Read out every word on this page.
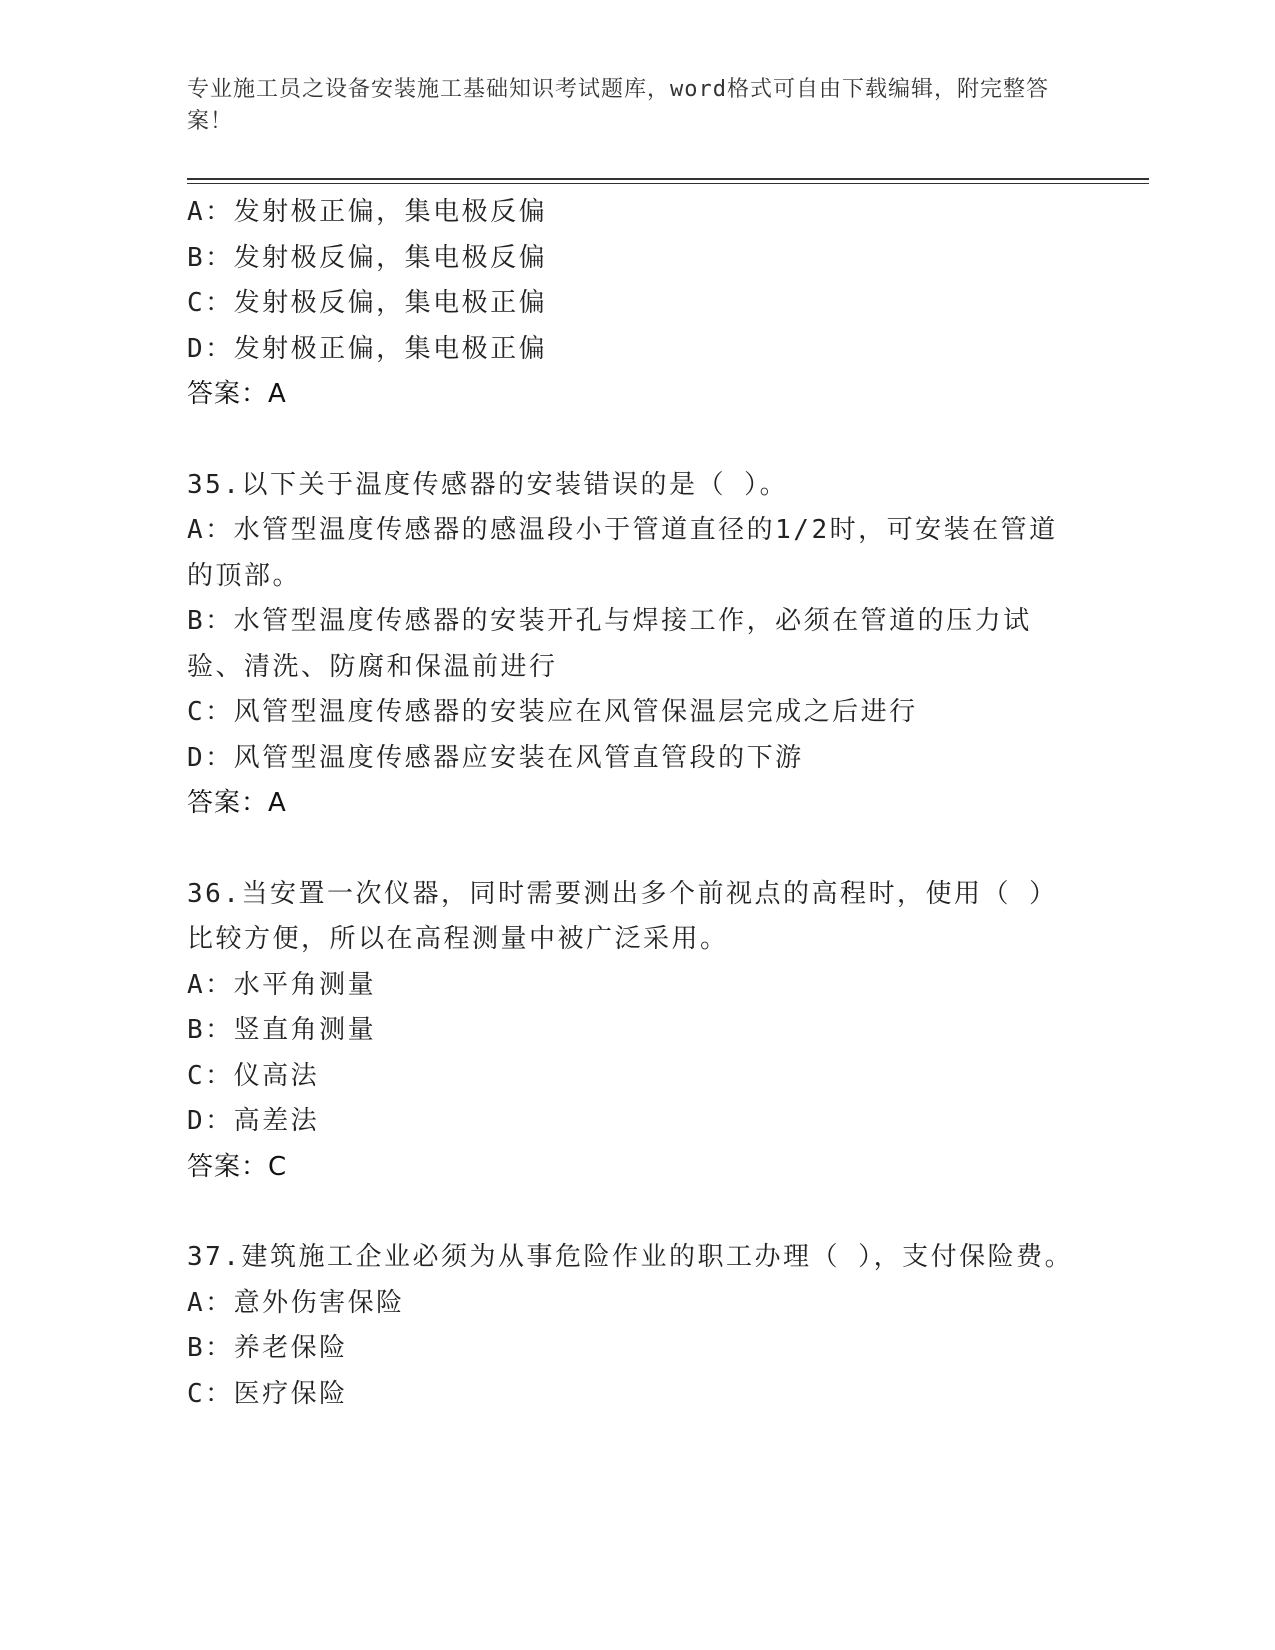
专业施工员之设备安装施工基础知识考试题库，word格式可自由下载编辑，附完整答案！
A：发射极正偏，集电极反偏
B：发射极反偏，集电极反偏
C：发射极反偏，集电极正偏
D：发射极正偏，集电极正偏
答案：A
35.以下关于温度传感器的安装错误的是（ ）。
A：水管型温度传感器的感温段小于管道直径的1/2时，可安装在管道的顶部。
B：水管型温度传感器的安装开孔与焊接工作，必须在管道的压力试验、清洗、防腐和保温前进行
C：风管型温度传感器的安装应在风管保温层完成之后进行
D：风管型温度传感器应安装在风管直管段的下游
答案：A
36.当安置一次仪器，同时需要测出多个前视点的高程时，使用（ ）比较方便，所以在高程测量中被广泛采用。
A：水平角测量
B：竖直角测量
C：仪高法
D：高差法
答案：C
37.建筑施工企业必须为从事危险作业的职工办理（ ），支付保险费。
A：意外伤害保险
B：养老保险
C：医疗保险
